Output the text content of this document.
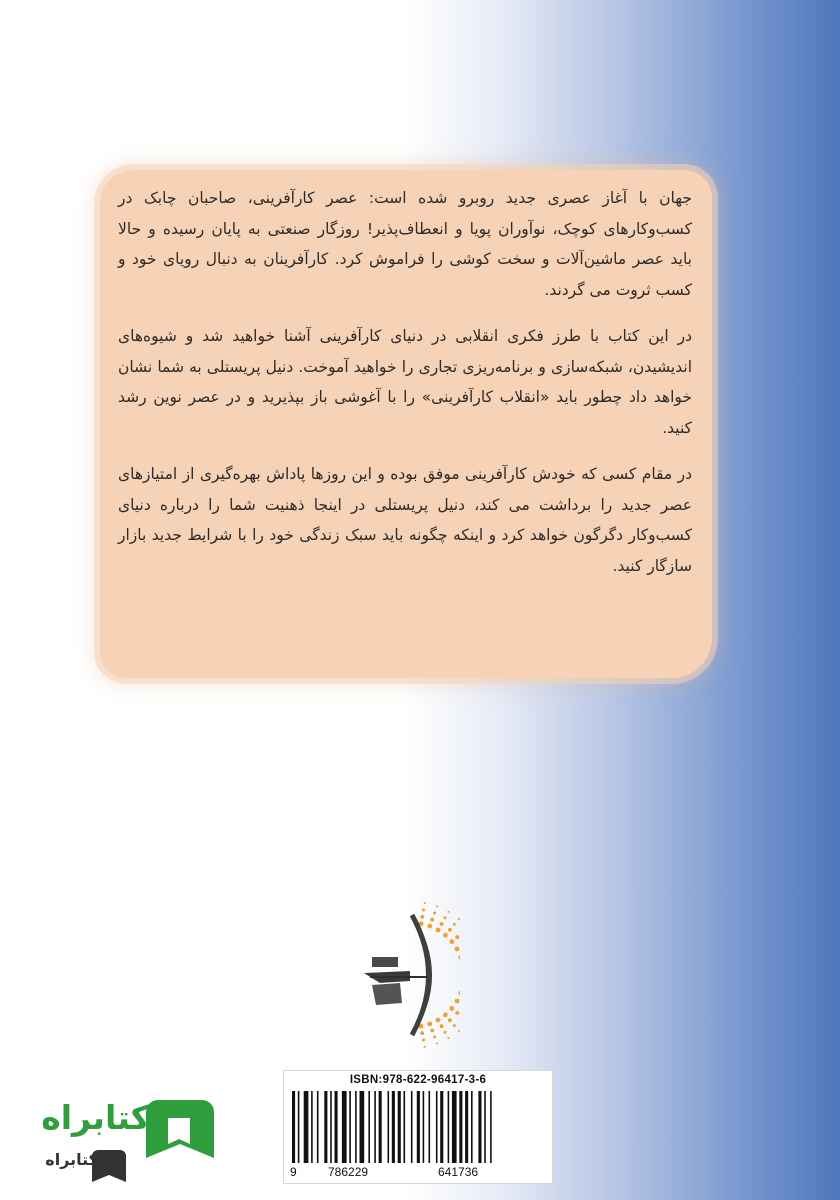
جهان با آغاز عصری جدید روبرو شده است: عصر کارآفرینی، صاحبان چابک در کسب‌وکارهای کوچک، نوآوران پویا و انعطاف‌پذیر! روزگار صنعتی به پایان رسیده و حالا باید عصر ماشین‌آلات و سخت کوشی را فراموش کرد. کارآفرینان به دنبال رویای خود و کسب ثروت می گردند.

در این کتاب با طرز فکری انقلابی در دنیای کارآفرینی آشنا خواهید شد و شیوه‌های اندیشیدن، شبکه‌سازی و برنامه‌ریزی تجاری را خواهید آموخت. دنیل پریستلی به شما نشان خواهد داد چطور باید «انقلاب کارآفرینی» را با آغوشی باز بپذیرید و در عصر نوین رشد کنید.

در مقام کسی که خودش کارآفرینی موفق بوده و این روزها پاداش بهره‌گیری از امتیازهای عصر جدید را برداشت می کند، دنیل پریستلی در اینجا ذهنیت شما را درباره دنیای کسب‌وکار دگرگون خواهد کرد و اینکه چگونه باید سبک زندگی خود را با شرایط جدید بازار سازگار کنید.

ISBN:978-622-96417-3-6
9	786229	641736
کتابراه
کتابراه
